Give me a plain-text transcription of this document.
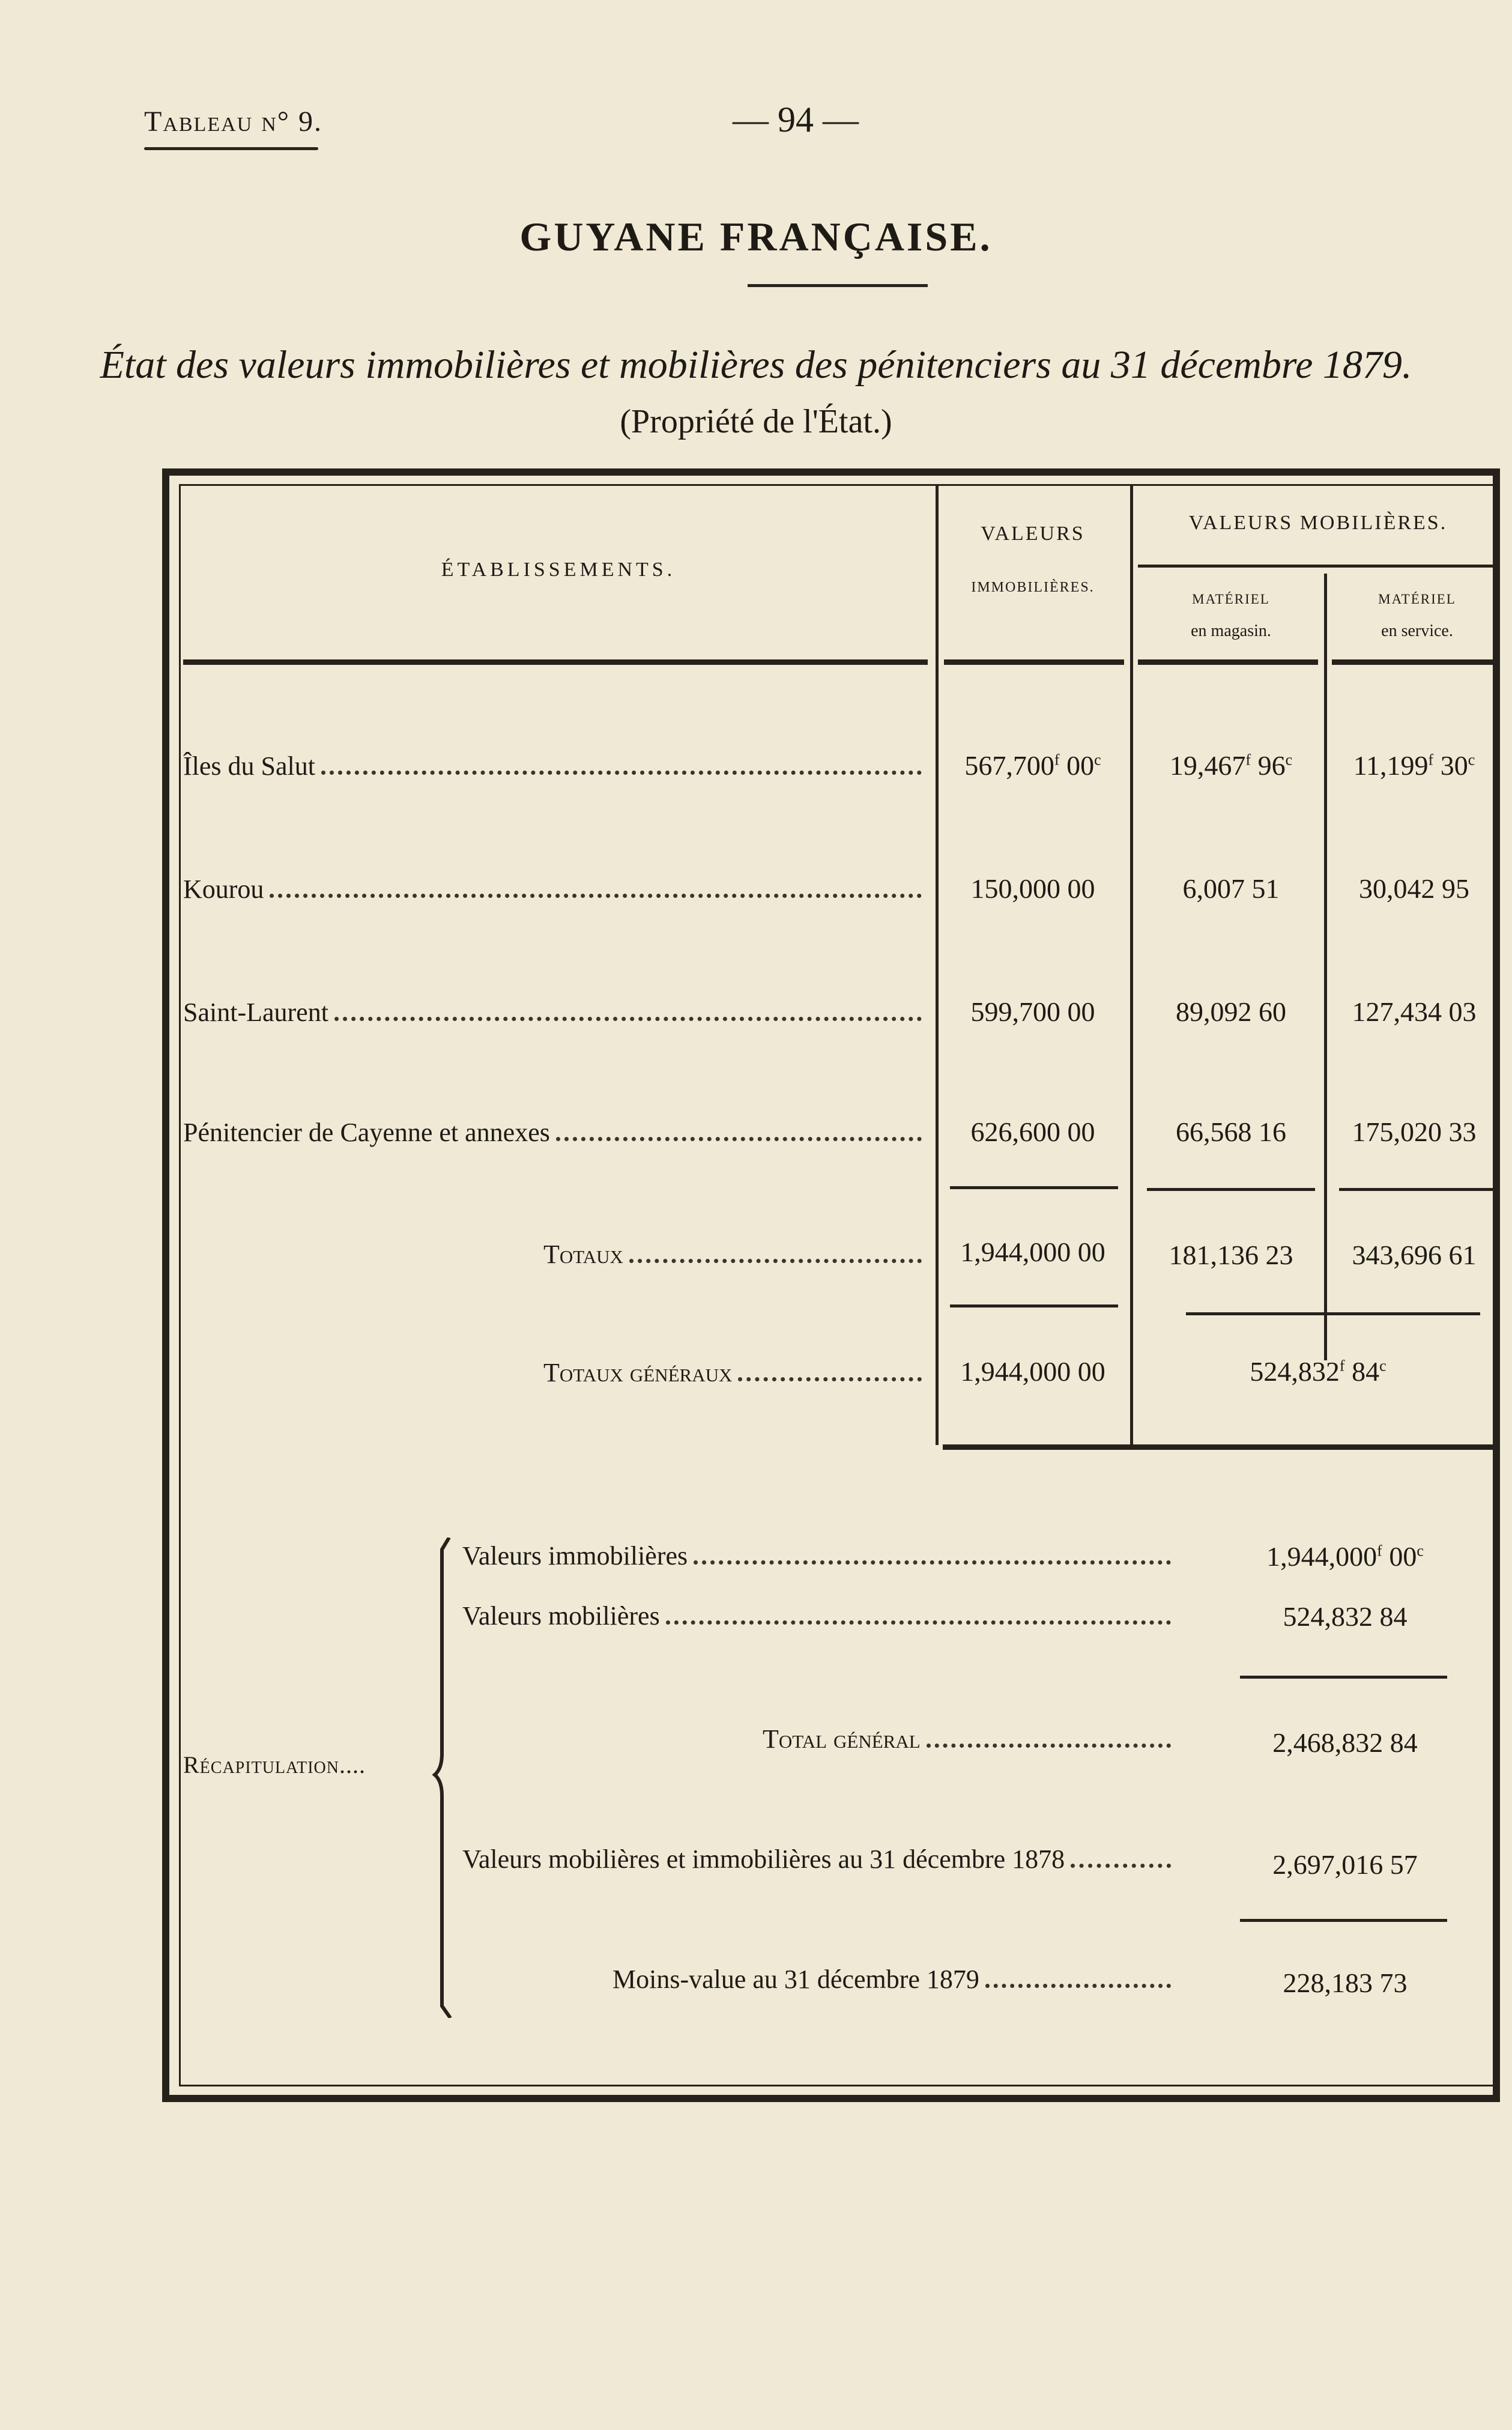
Tableau n° 9.	— 94 —
GUYANE FRANÇAISE.
État des valeurs immobilières et mobilières des pénitenciers au 31 décembre 1879.
(Propriété de l'État.)
ÉTABLISSEMENTS.
VALEURS
IMMOBILIÈRES.
VALEURS MOBILIÈRES.
MATÉRIEL
en magasin.
MATÉRIEL
en service.
Îles du Salut	567,700$^f$ 00$^c$	19,467$^f$ 96$^c$	11,199$^f$ 30$^c$
Kourou	150,000 00	6,007 51	30,042 95
Saint-Laurent	599,700 00	89,092 60	127,434 03
Pénitencier de Cayenne et annexes	626,600 00	66,568 16	175,020 33
Totaux	1,944,000 00	181,136 23	343,696 61
Totaux généraux	1,944,000 00	524,832$^f$ 84$^c$
Récapitulation....
Valeurs immobilières	1,944,000$^f$ 00$^c$
Valeurs mobilières	524,832 84
Total général	2,468,832 84
Valeurs mobilières et immobilières au 31 décembre 1878	2,697,016 57
Moins-value au 31 décembre 1879	228,183 73
